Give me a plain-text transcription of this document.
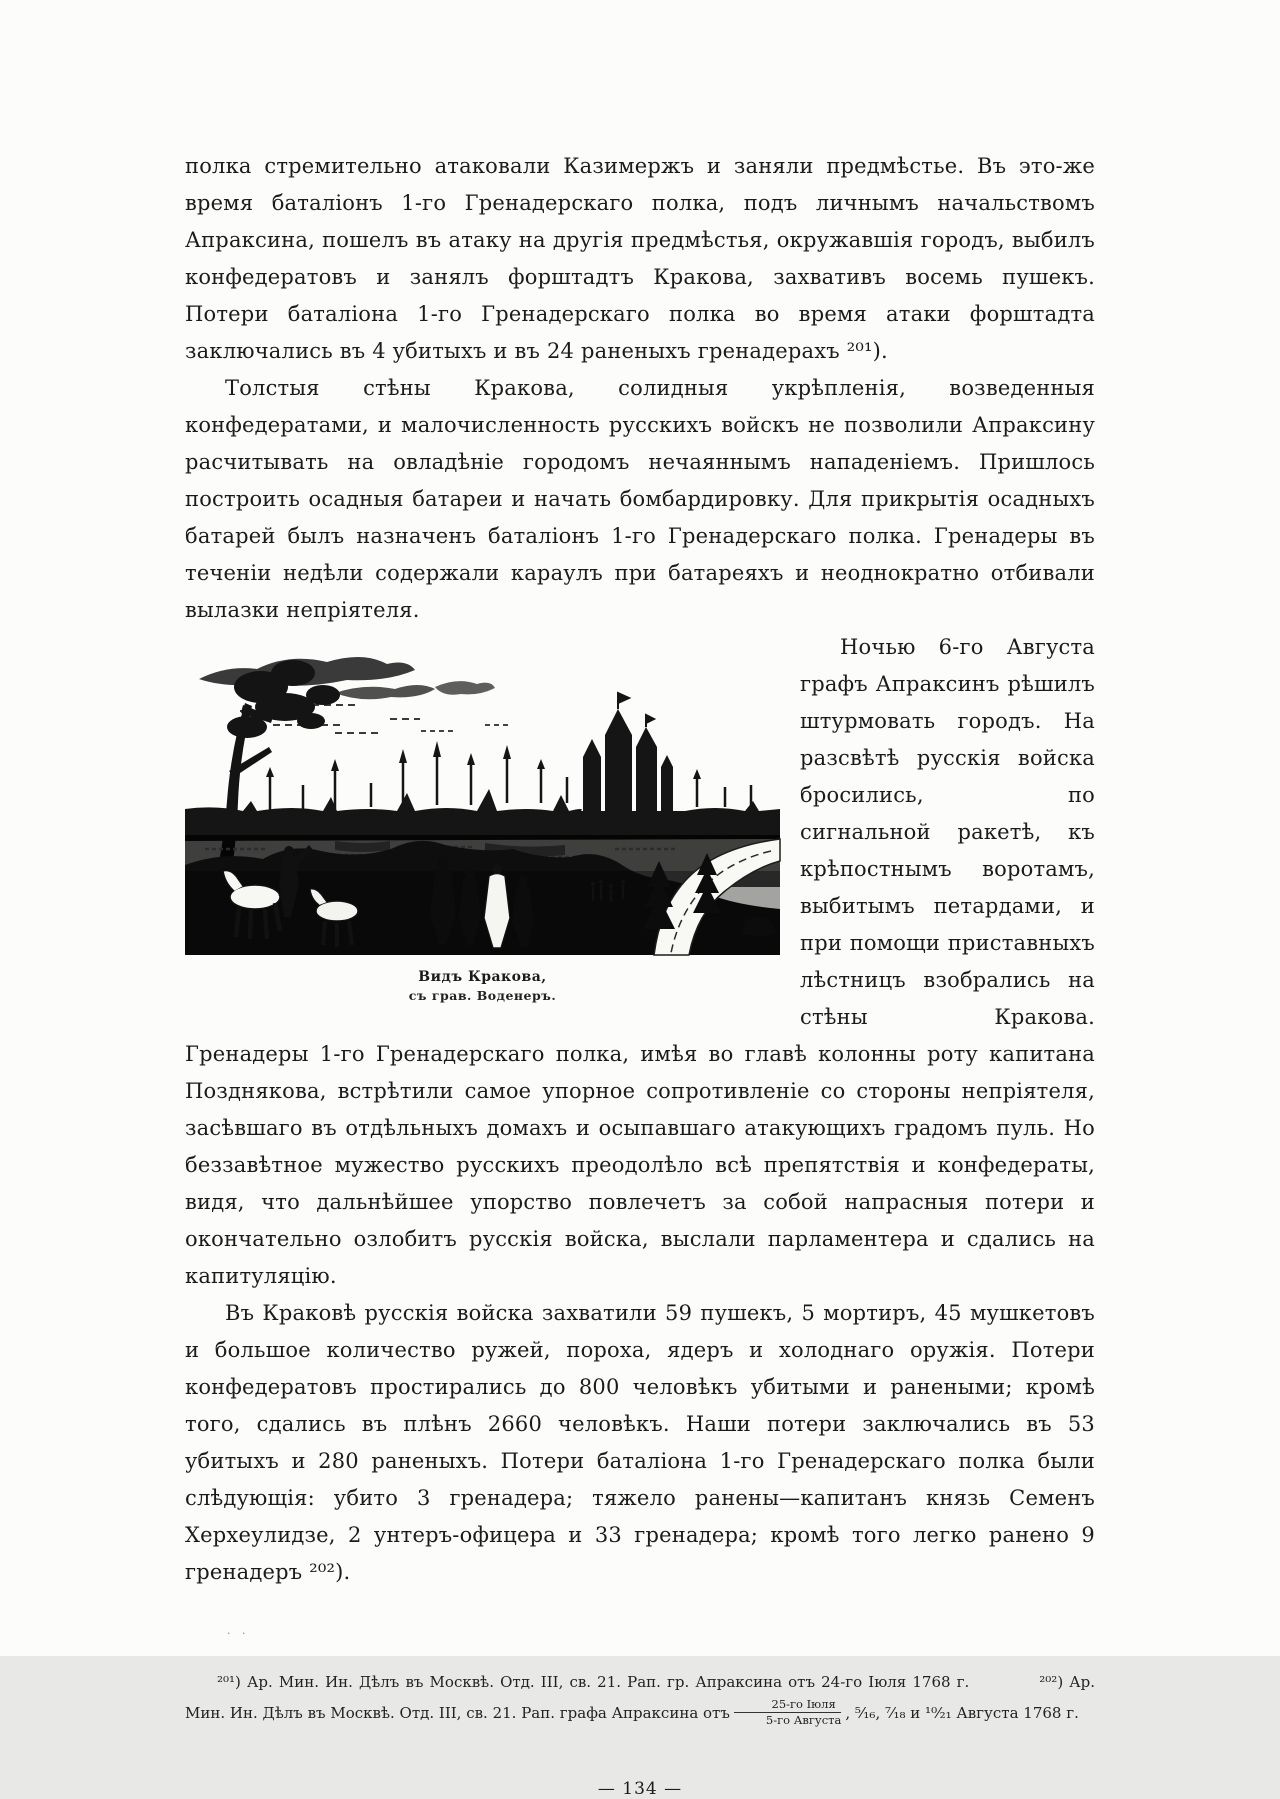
полка стремительно атаковали Казимержъ и заняли предмѣстье. Въ это-же время баталіонъ 1-го Гренадерскаго полка, подъ личнымъ начальствомъ Апраксина, пошелъ въ атаку на другія предмѣстья, окружавшія городъ, выбилъ конфедератовъ и занялъ форштадтъ Кракова, захвативъ восемь пушекъ. Потери баталіона 1-го Гренадерскаго полка во время атаки форштадта заключались въ 4 убитыхъ и въ 24 раненыхъ гренадерахъ ²⁰¹).

Толстыя стѣны Кракова, солидныя укрѣпленія, возведенныя конфедератами, и малочисленность русскихъ войскъ не позволили Апраксину расчитывать на овладѣніе городомъ нечаяннымъ нападеніемъ. Пришлось построить осадныя батареи и начать бомбардировку. Для прикрытія осадныхъ батарей былъ назначенъ баталіонъ 1-го Гренадерскаго полка. Гренадеры въ теченіи недѣли содержали караулъ при батареяхъ и неоднократно отбивали вылазки непріятеля.

Видъ Кракова,
съ грав. Воденеръ.

Ночью 6-го Августа графъ Апраксинъ рѣшилъ штурмовать городъ. На разсвѣтѣ русскія войска бросились, по сигнальной ракетѣ, къ крѣпостнымъ воротамъ, выбитымъ петардами, и при помощи приставныхъ лѣстницъ взобрались на стѣны Кракова. Гренадеры 1-го Гренадерскаго полка, имѣя во главѣ колонны роту капитана Позднякова, встрѣтили самое упорное сопротивленіе со стороны непріятеля, засѣвшаго въ отдѣльныхъ домахъ и осыпавшаго атакующихъ градомъ пуль. Но беззавѣтное мужество русскихъ преодолѣло всѣ препятствія и конфедераты, видя, что дальнѣйшее упорство повлечетъ за собой напрасныя потери и окончательно озлобитъ русскія войска, выслали парламентера и сдались на капитуляцію.

Въ Краковѣ русскія войска захватили 59 пушекъ, 5 мортиръ, 45 мушкетовъ и большое количество ружей, пороха, ядеръ и холоднаго оружія. Потери конфедератовъ простирались до 800 человѣкъ убитыми и ранеными; кромѣ того, сдались въ плѣнъ 2660 человѣкъ. Наши потери заключались въ 53 убитыхъ и 280 раненыхъ. Потери баталіона 1-го Гренадерскаго полка были слѣдующія: убито 3 гренадера; тяжело ранены—капитанъ князь Семенъ Херхеулидзе, 2 унтеръ-офицера и 33 гренадера; кромѣ того легко ранено 9 гренадеръ ²⁰²).

· ·

²⁰¹) Ар. Мин. Ин. Дѣлъ въ Москвѣ. Отд. III, св. 21. Рап. гр. Апраксина отъ 24-го Іюля 1768 г.	²⁰²) Ар. Мин. Ин. Дѣлъ въ Москвѣ. Отд. III, св. 21. Рап. графа Апраксина отъ $\frac{\text{25-го Іюля}}{\text{5-го Августа}}$ , ⁵⁄₁₆, ⁷⁄₁₈ и ¹⁰⁄₂₁ Августа 1768 г.

— 134 —
